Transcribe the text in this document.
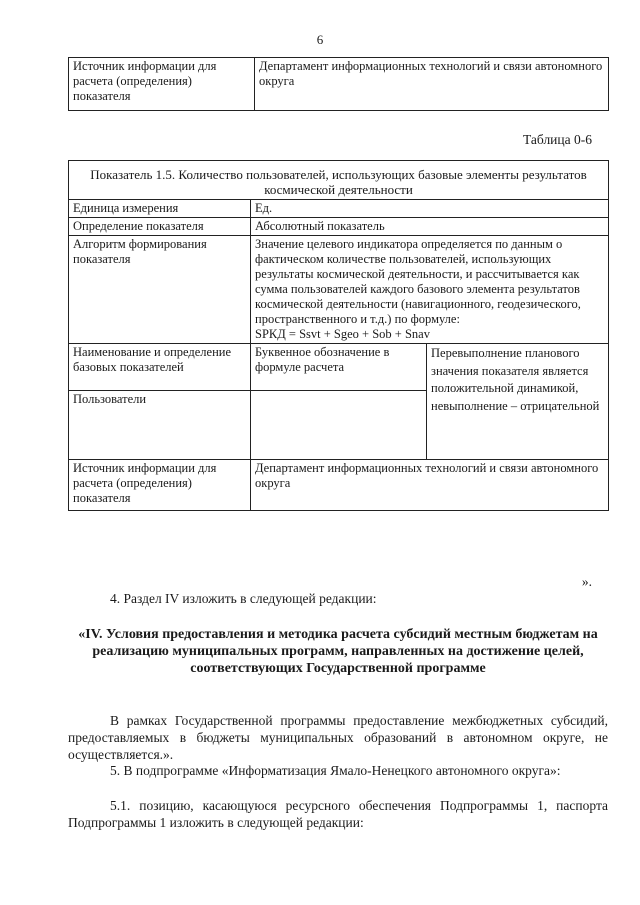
6
Источник информации для расчета (определения) показателя	Департамент информационных технологий и связи автономного округа
Таблица 0-6
Показатель 1.5. Количество пользователей, использующих базовые элементы результатов космической деятельности		
Единица измерения	Ед.	
Определение показателя	Абсолютный показатель	
Алгоритм формирования показателя	Значение целевого индикатора определяется по данным о фактическом количестве пользователей, использующих результаты космической деятельности, и рассчитывается как сумма пользователей каждого базового элемента результатов космической деятельности (навигационного, геодезического, пространственного и т.д.) по формуле:
SPКД = Ssvt + Sgeo + Sob + Snav	

Наименование и определение базовых показателей	Буквенное обозначение в формуле расчета	Перевыполнение планового значения показателя является положительной динамикой, невыполнение – отрицательной
Пользователи		
Источник информации для расчета (определения) показателя	Департамент информационных технологий и связи автономного округа	
».
4. Раздел IV изложить в следующей редакции:
«IV. Условия предоставления и методика расчета субсидий местным бюджетам на реализацию муниципальных программ, направленных на достижение целей, соответствующих Государственной программе
В рамках Государственной программы предоставление межбюджетных субсидий, предоставляемых в бюджеты муниципальных образований в автономном округе, не осуществляется.».
5. В подпрограмме «Информатизация Ямало-Ненецкого автономного округа»:
5.1. позицию, касающуюся ресурсного обеспечения Подпрограммы 1, паспорта Подпрограммы 1 изложить в следующей редакции:
